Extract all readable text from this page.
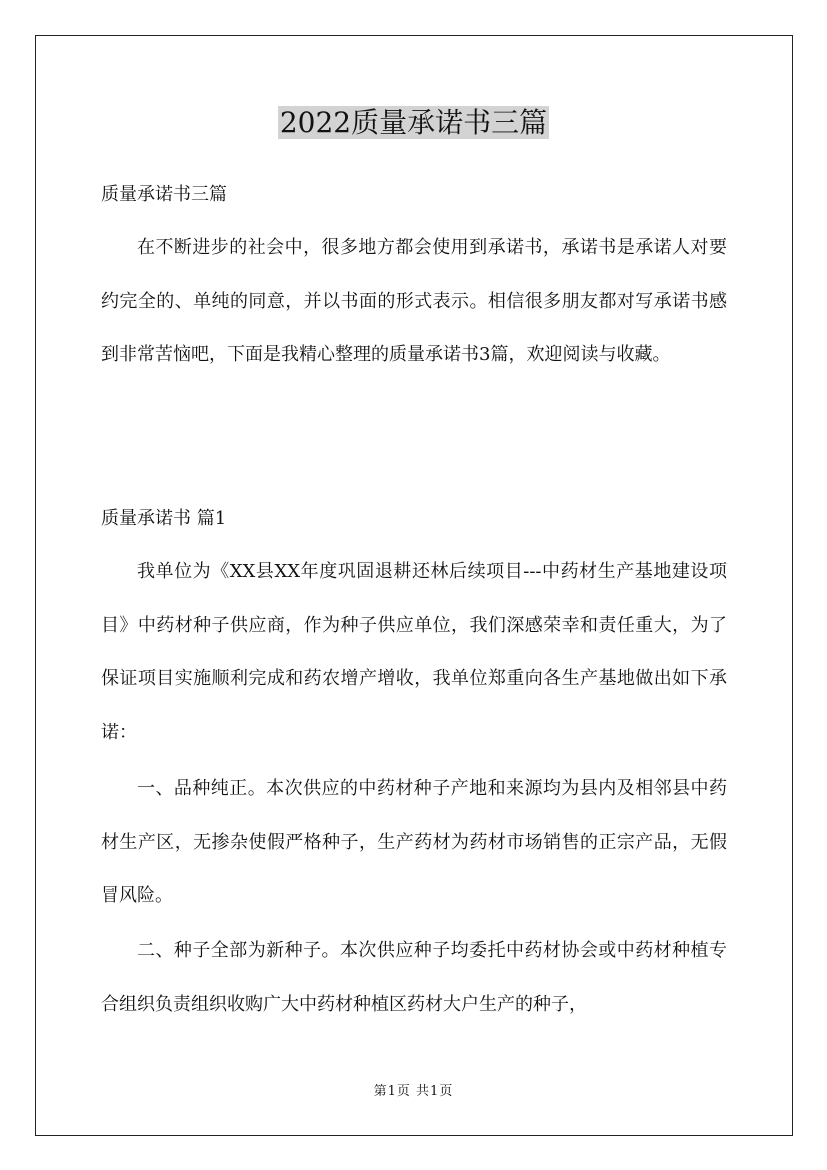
2022质量承诺书三篇

质量承诺书三篇

在不断进步的社会中，很多地方都会使用到承诺书，承诺书是承诺人对要约完全的、单纯的同意，并以书面的形式表示。相信很多朋友都对写承诺书感到非常苦恼吧，下面是我精心整理的质量承诺书3篇，欢迎阅读与收藏。

质量承诺书 篇1

我单位为《XX县XX年度巩固退耕还林后续项目---中药材生产基地建设项目》中药材种子供应商，作为种子供应单位，我们深感荣幸和责任重大，为了保证项目实施顺利完成和药农增产增收，我单位郑重向各生产基地做出如下承诺：

一、品种纯正。本次供应的中药材种子产地和来源均为县内及相邻县中药材生产区，无掺杂使假严格种子，生产药材为药材市场销售的正宗产品，无假冒风险。

二、种子全部为新种子。本次供应种子均委托中药材协会或中药材种植专合组织负责组织收购广大中药材种植区药材大户生产的种子，

第1页 共1页
